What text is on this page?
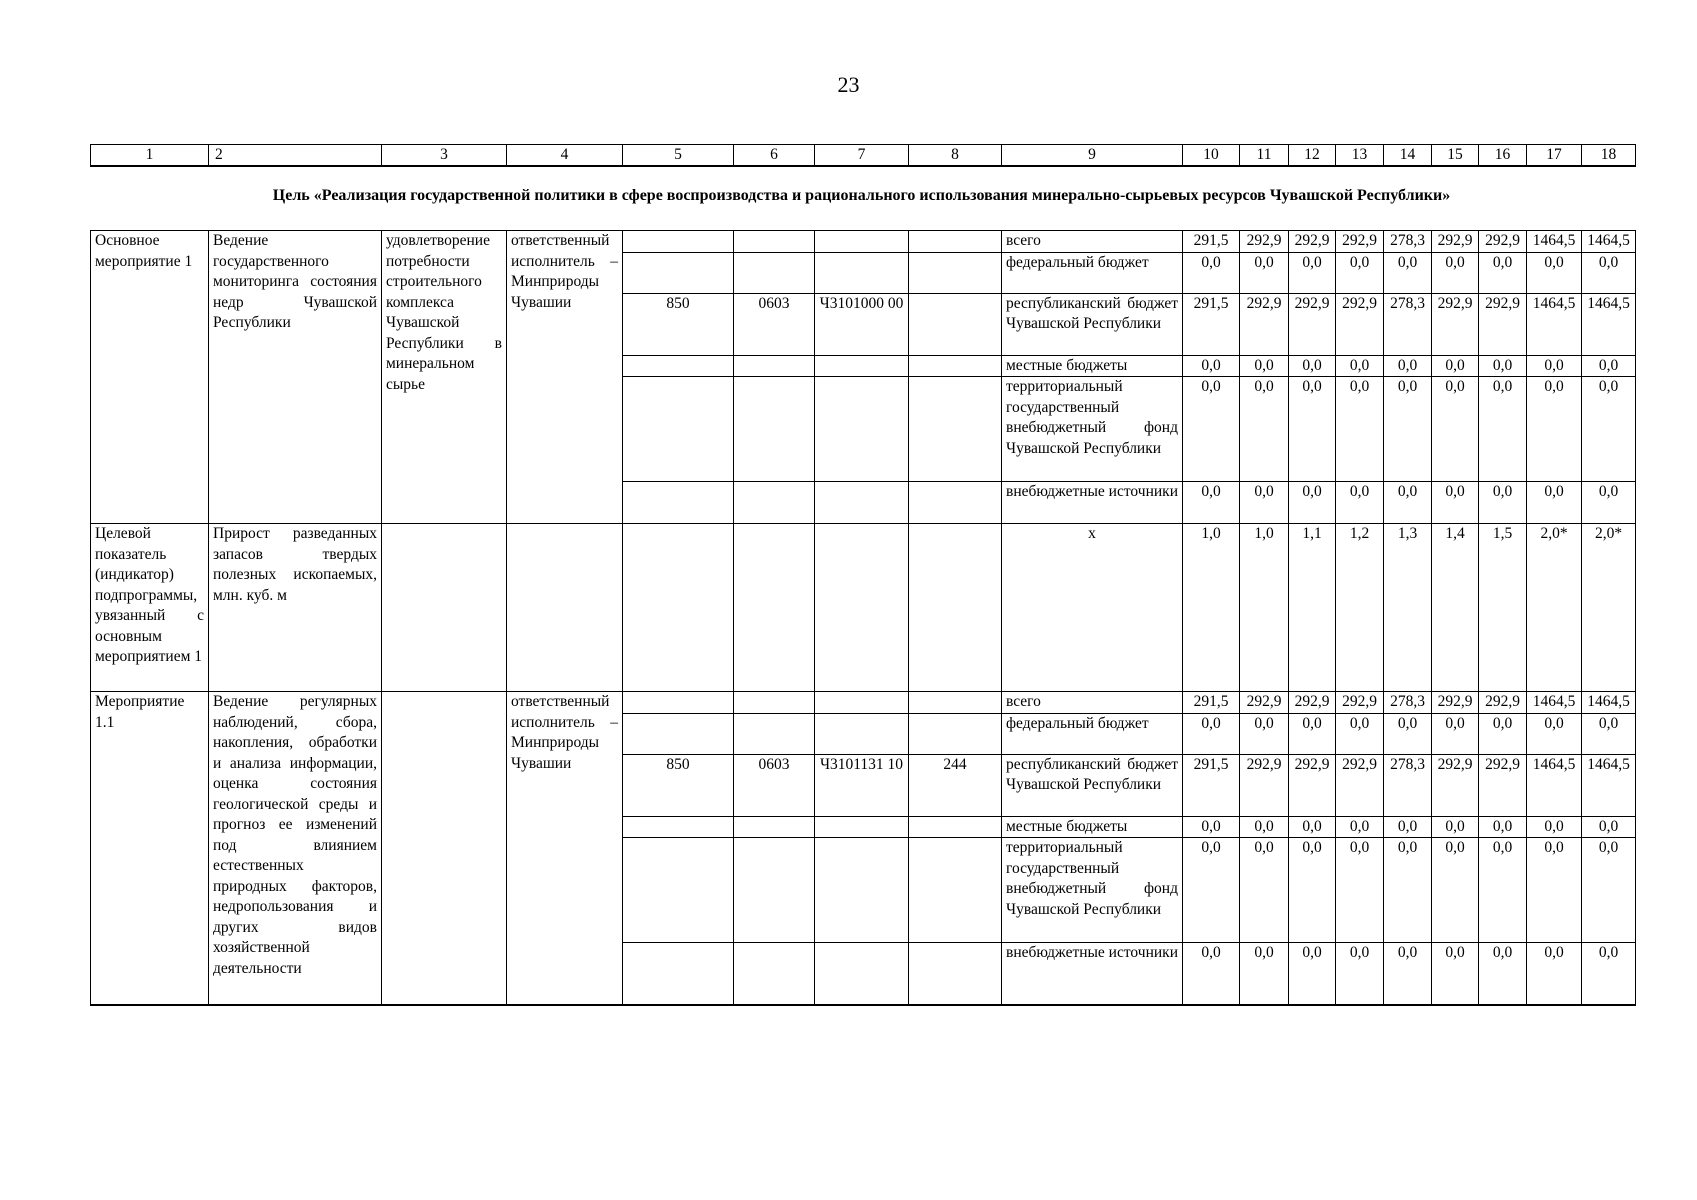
23
1	2	3	4	5	6	7	8	9	10	11	12	13	14	15	16	17	18
Цель «Реализация государственной политики в сфере воспроизводства и рационального использования минерально-сырьевых ресурсов Чувашской Республики»
Основное мероприятие 1	Ведение государственного мониторинга состояния недр Чувашской Республики	удовлетворение потребности строительного комплекса Чувашской Республики в минеральном сырье	ответственный исполнитель – Минприроды Чувашии					всего	291,5	292,9	292,9	292,9	278,3	292,9	292,9	1464,5	1464,5
								федеральный бюджет	0,0	0,0	0,0	0,0	0,0	0,0	0,0	0,0	0,0
				850	0603	Ч3101000 00		республиканский бюджет Чувашской Республики	291,5	292,9	292,9	292,9	278,3	292,9	292,9	1464,5	1464,5
								местные бюджеты	0,0	0,0	0,0	0,0	0,0	0,0	0,0	0,0	0,0
								территориальный государственный внебюджетный фонд Чувашской Республики	0,0	0,0	0,0	0,0	0,0	0,0	0,0	0,0	0,0
								внебюджетные источники	0,0	0,0	0,0	0,0	0,0	0,0	0,0	0,0	0,0
Целевой показатель (индикатор) подпрограммы, увязанный с основным мероприятием 1	Прирост разведанных запасов твердых полезных ископаемых, млн. куб. м							x	1,0	1,0	1,1	1,2	1,3	1,4	1,5	2,0*	2,0*
Мероприятие 1.1	Ведение регулярных наблюдений, сбора, накопления, обработки и анализа информации, оценка состояния геологической среды и прогноз ее изменений под влиянием естественных природных факторов, недропользования и других видов хозяйственной деятельности		ответственный исполнитель – Минприроды Чувашии					всего	291,5	292,9	292,9	292,9	278,3	292,9	292,9	1464,5	1464,5
								федеральный бюджет	0,0	0,0	0,0	0,0	0,0	0,0	0,0	0,0	0,0
				850	0603	Ч3101131 10	244	республиканский бюджет Чувашской Республики	291,5	292,9	292,9	292,9	278,3	292,9	292,9	1464,5	1464,5
								местные бюджеты	0,0	0,0	0,0	0,0	0,0	0,0	0,0	0,0	0,0
								территориальный государственный внебюджетный фонд Чувашской Республики	0,0	0,0	0,0	0,0	0,0	0,0	0,0	0,0	0,0
								внебюджетные источники	0,0	0,0	0,0	0,0	0,0	0,0	0,0	0,0	0,0
